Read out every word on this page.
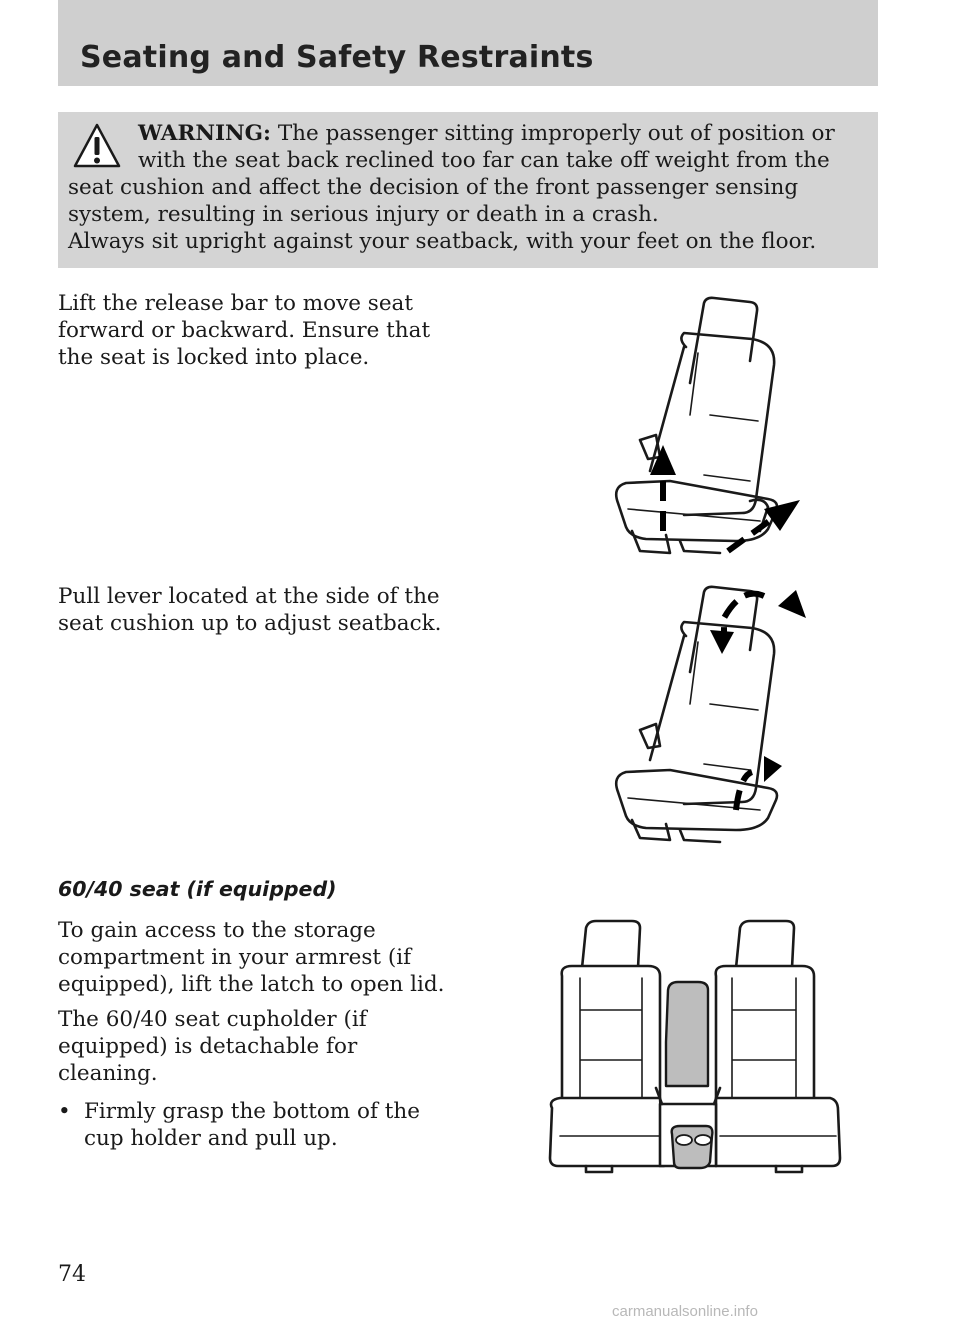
Seating and Safety Restraints

WARNING: The passenger sitting improperly out of position or
with the seat back reclined too far can take off weight from the
seat cushion and affect the decision of the front passenger sensing
system, resulting in serious injury or death in a crash.
Always sit upright against your seatback, with your feet on the floor.

Lift the release bar to move seat
forward or backward. Ensure that
the seat is locked into place.

Pull lever located at the side of the
seat cushion up to adjust seatback.

60/40 seat (if equipped)

To gain access to the storage
compartment in your armrest (if
equipped), lift the latch to open lid.

The 60/40 seat cupholder (if
equipped) is detachable for
cleaning.

• Firmly grasp the bottom of the
cup holder and pull up.
74
carmanualsonline.info
